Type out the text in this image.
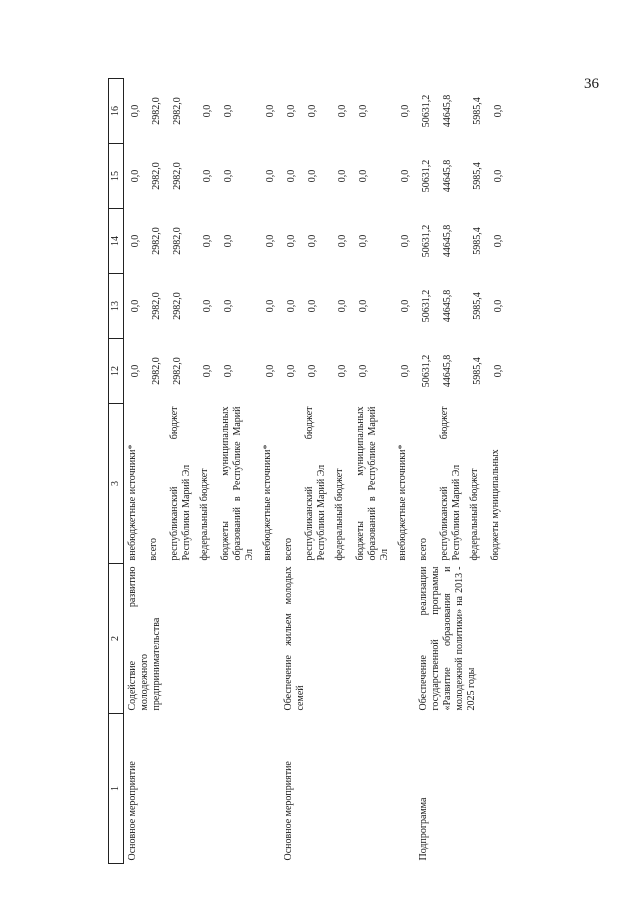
36
1	2	3	12	13	14	15	16
Основное мероприятие	Содействие развитию молодежного предпринимательства	внебюджетные источники*	0,0	0,0	0,0	0,0	0,0
		всего	2982,0	2982,0	2982,0	2982,0	2982,0
		республиканский бюджет Республики Марий Эл	2982,0	2982,0	2982,0	2982,0	2982,0
		федеральный бюджет	0,0	0,0	0,0	0,0	0,0
		бюджеты муниципальных образований в Республике Марий Эл	0,0	0,0	0,0	0,0	0,0
		внебюджетные источники*	0,0	0,0	0,0	0,0	0,0
Основное мероприятие	Обеспечение жильем молодых семей	всего	0,0	0,0	0,0	0,0	0,0
		республиканский бюджет Республики Марий Эл	0,0	0,0	0,0	0,0	0,0
		федеральный бюджет	0,0	0,0	0,0	0,0	0,0
		бюджеты муниципальных образований в Республике Марий Эл	0,0	0,0	0,0	0,0	0,0
		внебюджетные источники*	0,0	0,0	0,0	0,0	0,0
Подпрограмма	Обеспечение реализации государственной программы «Развитие образования и молодежной политики» на 2013 - 2025 годы	всего	50631,2	50631,2	50631,2	50631,2	50631,2
		республиканский бюджет Республики Марий Эл	44645,8	44645,8	44645,8	44645,8	44645,8
		федеральный бюджет	5985,4	5985,4	5985,4	5985,4	5985,4
		бюджеты муниципальных	0,0	0,0	0,0	0,0	0,0
